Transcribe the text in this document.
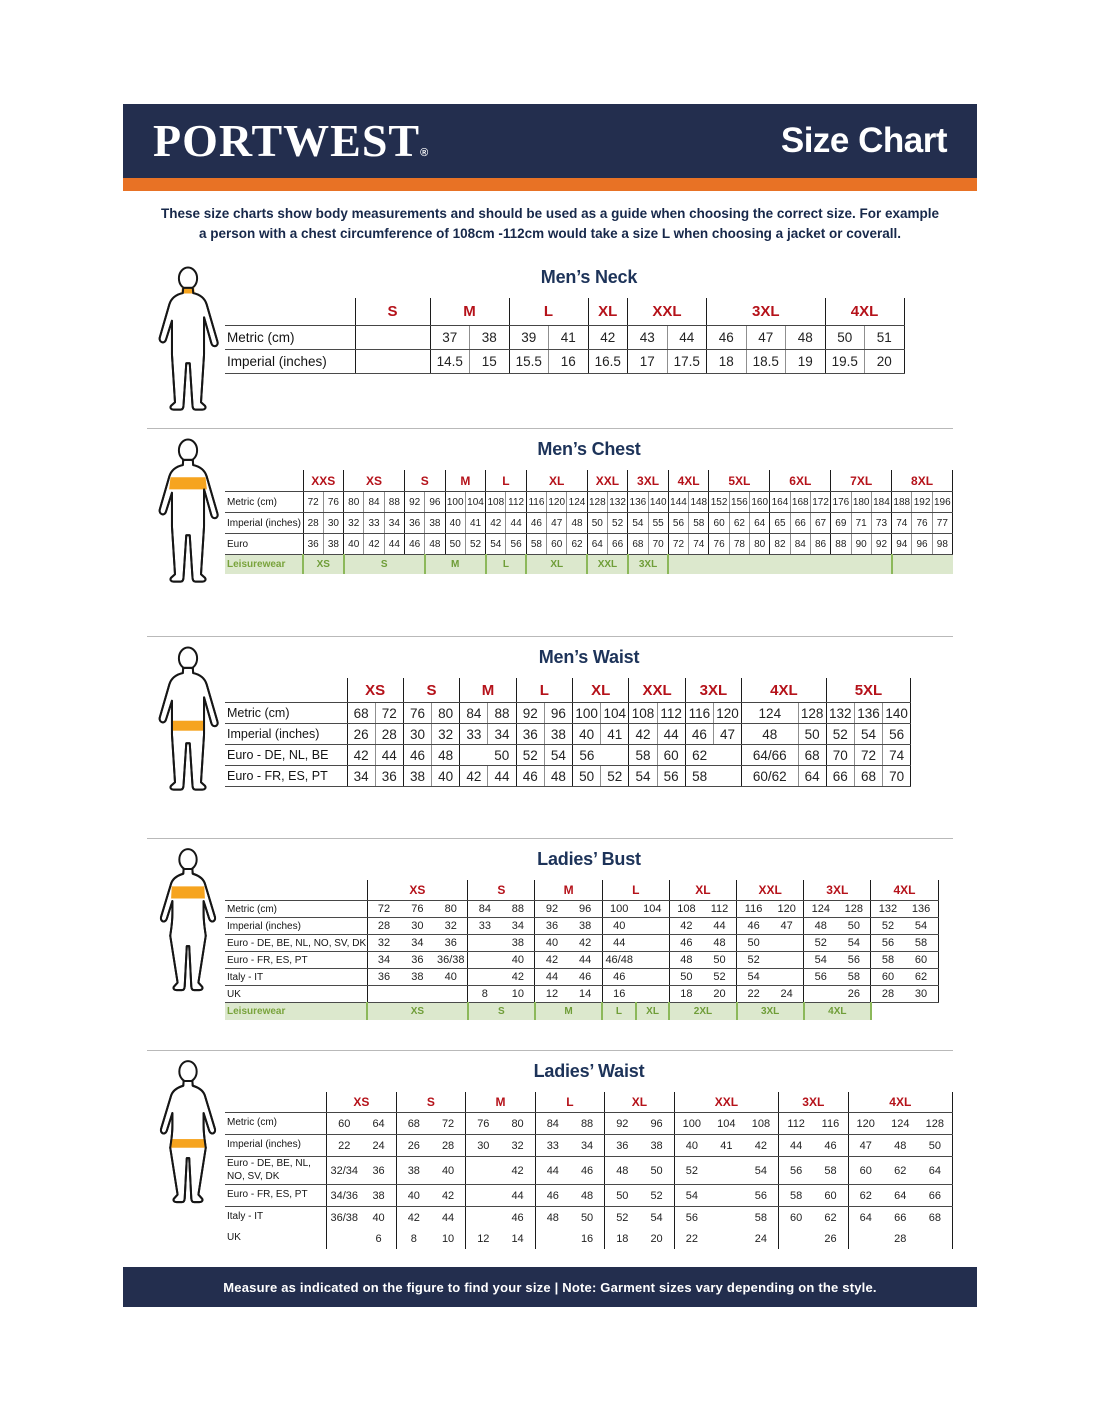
PORTWEST®	Size Chart

These size charts show body measurements and should be used as a guide when choosing the correct size. For example
a person with a chest circumference of 108cm -112cm would take a size L when choosing a jacket or coverall.

Men’s Neck
	S	M		L		XL	XXL		3XL			4XL	
Metric (cm)		37	38	39	41	42	43	44	46	47	48	50	51
Imperial (inches)		14.5	15	15.5	16	16.5	17	17.5	18	18.5	19	19.5	20
Men’s Chest
	XXS		XS			S		M		L		XL			XXL		3XL		4XL		5XL			6XL			7XL			8XL		
Metric (cm)	72	76	80	84	88	92	96	100	104	108	112	116	120	124	128	132	136	140	144	148	152	156	160	164	168	172	176	180	184	188	192	196
Imperial (inches)	28	30	32	33	34	36	38	40	41	42	44	46	47	48	50	52	54	55	56	58	60	62	64	65	66	67	69	71	73	74	76	77
Euro	36	38	40	42	44	46	48	50	52	54	56	58	60	62	64	66	68	70	72	74	76	78	80	82	84	86	88	90	92	94	96	98
Leisurewear	XS		S				M			L		XL			XXL		3XL															
Men’s Waist
	XS		S		M		L		XL		XXL		3XL		4XL		5XL		
Metric (cm)	68	72	76	80	84	88	92	96	100	104	108	112	116	120	124	128	132	136	140
Imperial (inches)	26	28	30	32	33	34	36	38	40	41	42	44	46	47	48	50	52	54	56
Euro - DE, NL, BE	42	44	46	48		50	52	54	56		58	60	62		64/66	68	70	72	74
Euro - FR, ES, PT	34	36	38	40	42	44	46	48	50	52	54	56	58		60/62	64	66	68	70
Ladies’ Bust
	XS			S		M		L		XL		XXL		3XL		4XL	
Metric (cm)	72	76	80	84	88	92	96	100	104	108	112	116	120	124	128	132	136
Imperial (inches)	28	30	32	33	34	36	38	40		42	44	46	47	48	50	52	54
Euro - DE, BE, NL, NO, SV, DK	32	34	36		38	40	42	44		46	48	50		52	54	56	58
Euro - FR, ES, PT	34	36	36/38		40	42	44	46/48		48	50	52		54	56	58	60
Italy - IT	36	38	40		42	44	46	46		50	52	54		56	58	60	62
UK				8	10	12	14	16		18	20	22	24		26	28	30
Leisurewear	XS			S		M		L	XL	2XL		3XL		4XL			
Ladies’ Waist
	XS		S		M		L		XL		XXL			3XL		4XL		
Metric (cm)	60	64	68	72	76	80	84	88	92	96	100	104	108	112	116	120	124	128
Imperial (inches)	22	24	26	28	30	32	33	34	36	38	40	41	42	44	46	47	48	50
Euro - DE, BE, NL, NO, SV, DK	32/34	36	38	40		42	44	46	48	50	52		54	56	58	60	62	64
Euro - FR, ES, PT	34/36	38	40	42		44	46	48	50	52	54		56	58	60	62	64	66
Italy - IT	36/38	40	42	44		46	48	50	52	54	56		58	60	62	64	66	68
UK		6	8	10	12	14		16	18	20	22		24		26		28	
Measure as indicated on the figure to find your size | Note: Garment sizes vary depending on the style.
